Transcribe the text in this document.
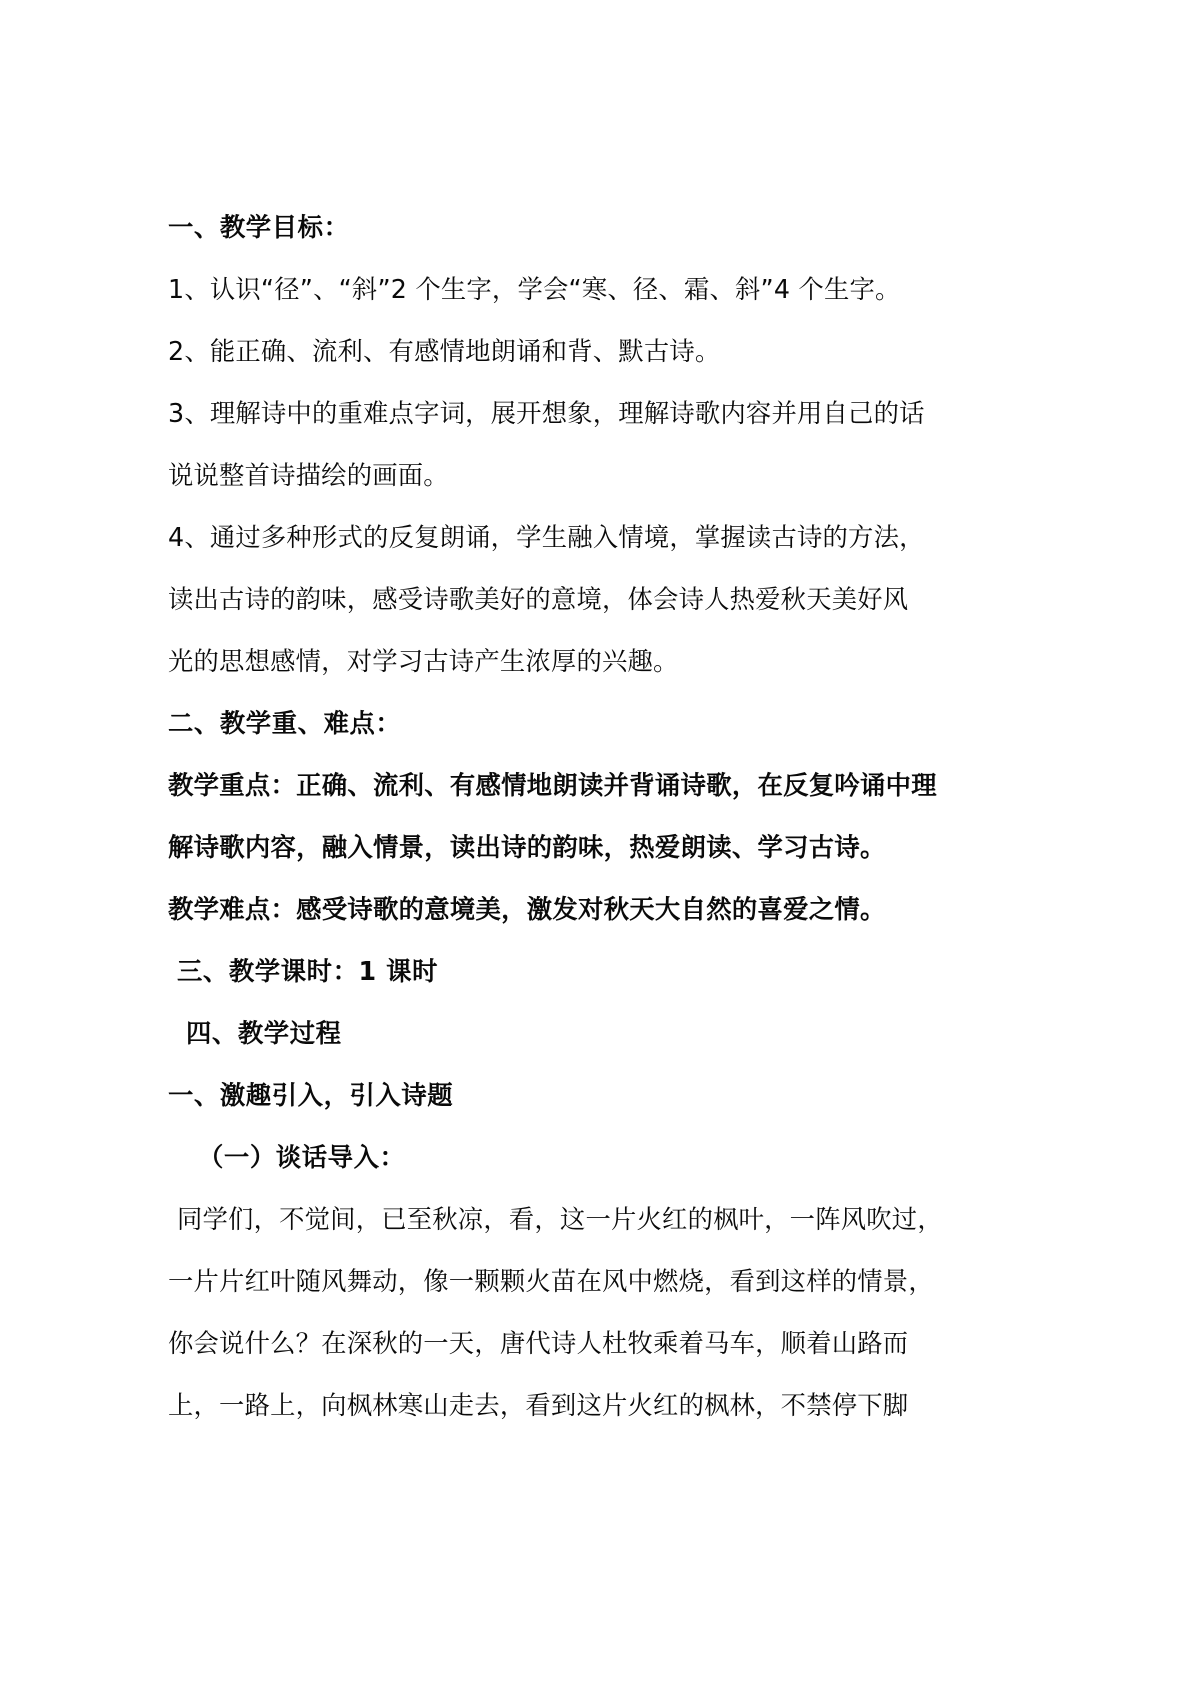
一、教学目标：
1、认识“径”、“斜”2 个生字，学会“寒、径、霜、斜”4 个生字。
2、能正确、流利、有感情地朗诵和背、默古诗。
3、理解诗中的重难点字词，展开想象，理解诗歌内容并用自己的话
说说整首诗描绘的画面。
4、通过多种形式的反复朗诵，学生融入情境，掌握读古诗的方法，
读出古诗的韵味，感受诗歌美好的意境，体会诗人热爱秋天美好风
光的思想感情，对学习古诗产生浓厚的兴趣。
二、教学重、难点：
教学重点：正确、流利、有感情地朗读并背诵诗歌，在反复吟诵中理
解诗歌内容，融入情景，读出诗的韵味，热爱朗读、学习古诗。
教学难点：感受诗歌的意境美，激发对秋天大自然的喜爱之情。
三、教学课时：1 课时
四、教学过程
一、激趣引入，引入诗题
（一）谈话导入：
同学们，不觉间，已至秋凉，看，这一片火红的枫叶，一阵风吹过，
一片片红叶随风舞动，像一颗颗火苗在风中燃烧，看到这样的情景，
你会说什么？在深秋的一天，唐代诗人杜牧乘着马车，顺着山路而
上，一路上，向枫林寒山走去，看到这片火红的枫林，不禁停下脚
